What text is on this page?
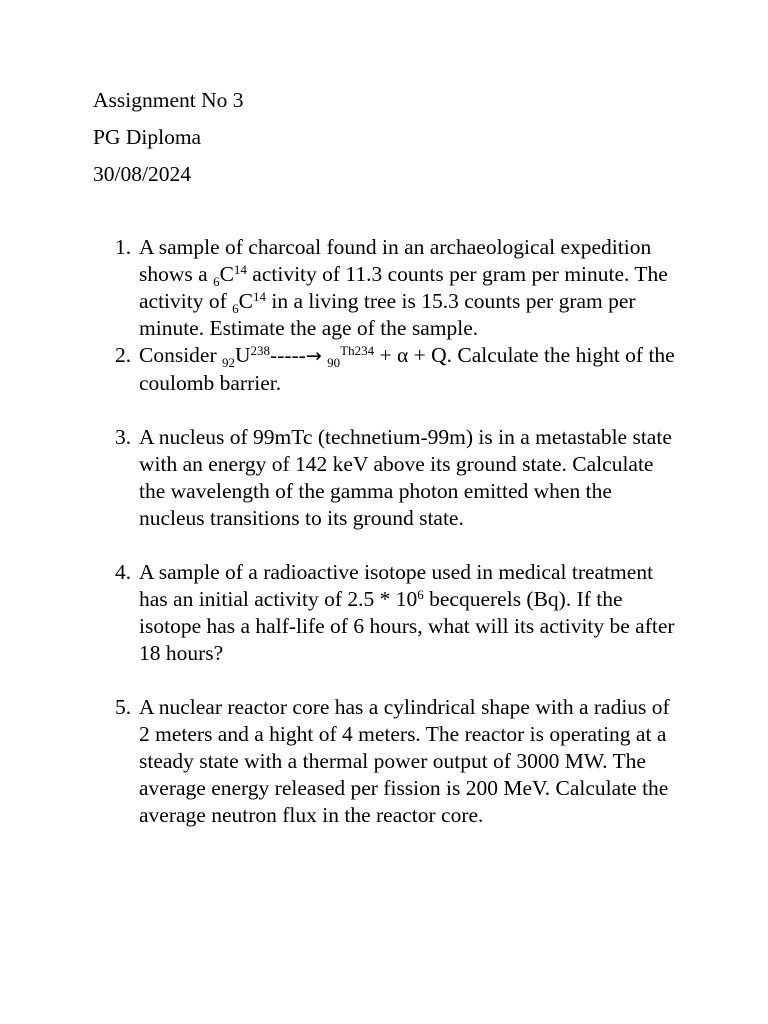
Assignment No 3
PG Diploma
30/08/2024
1. A sample of charcoal found in an archaeological expedition shows a $_6C^{14}$ activity of 11.3 counts per gram per minute. The activity of $_6C^{14}$ in a living tree is 15.3 counts per gram per minute. Estimate the age of the sample.
2. Consider $_{92}U^{238}-----\to _{90}^{Th234} + \alpha + Q$. Calculate the hight of the coulomb barrier.
3. A nucleus of 99mTc (technetium-99m) is in a metastable state with an energy of 142 keV above its ground state. Calculate the wavelength of the gamma photon emitted when the nucleus transitions to its ground state.
4. A sample of a radioactive isotope used in medical treatment has an initial activity of $2.5 * 10^6$ becquerels (Bq). If the isotope has a half-life of 6 hours, what will its activity be after 18 hours?
5. A nuclear reactor core has a cylindrical shape with a radius of 2 meters and a hight of 4 meters. The reactor is operating at a steady state with a thermal power output of 3000 MW. The average energy released per fission is 200 MeV. Calculate the average neutron flux in the reactor core.
